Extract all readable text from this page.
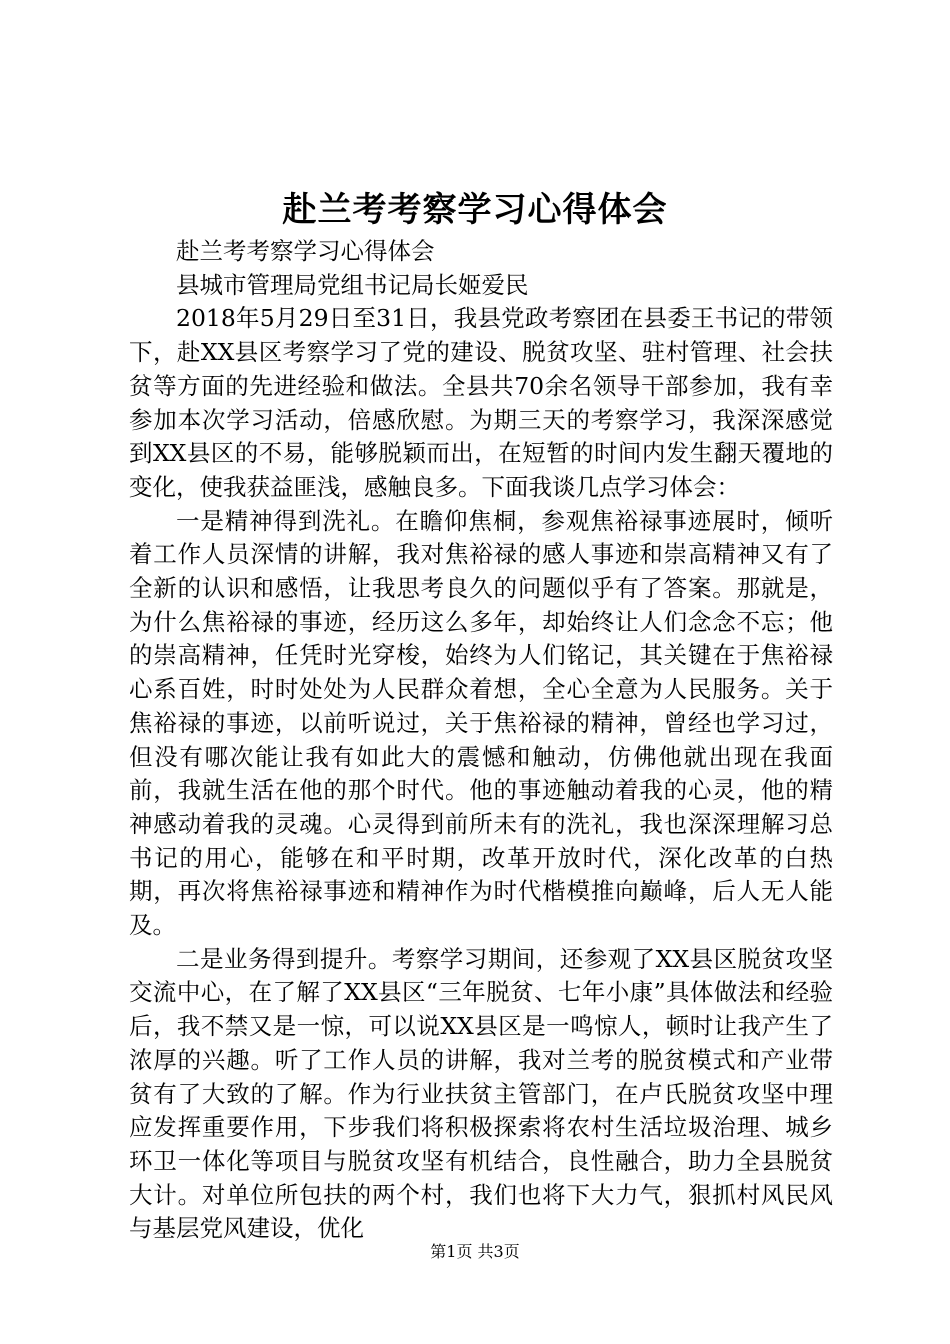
赴兰考考察学习心得体会

赴兰考考察学习心得体会

县城市管理局党组书记局长姬爱民

2018年5月29日至31日，我县党政考察团在县委王书记的带领下，赴XX县区考察学习了党的建设、脱贫攻坚、驻村管理、社会扶贫等方面的先进经验和做法。全县共70余名领导干部参加，我有幸参加本次学习活动，倍感欣慰。为期三天的考察学习，我深深感觉到XX县区的不易，能够脱颖而出，在短暂的时间内发生翻天覆地的变化，使我获益匪浅，感触良多。下面我谈几点学习体会：

一是精神得到洗礼。在瞻仰焦桐，参观焦裕禄事迹展时，倾听着工作人员深情的讲解，我对焦裕禄的感人事迹和崇高精神又有了全新的认识和感悟，让我思考良久的问题似乎有了答案。那就是，为什么焦裕禄的事迹，经历这么多年，却始终让人们念念不忘；他的崇高精神，任凭时光穿梭，始终为人们铭记，其关键在于焦裕禄心系百姓，时时处处为人民群众着想，全心全意为人民服务。关于焦裕禄的事迹，以前听说过，关于焦裕禄的精神，曾经也学习过，但没有哪次能让我有如此大的震憾和触动，仿佛他就出现在我面前，我就生活在他的那个时代。他的事迹触动着我的心灵，他的精神感动着我的灵魂。心灵得到前所未有的洗礼，我也深深理解习总书记的用心，能够在和平时期，改革开放时代，深化改革的白热期，再次将焦裕禄事迹和精神作为时代楷模推向巅峰，后人无人能及。

二是业务得到提升。考察学习期间，还参观了XX县区脱贫攻坚交流中心，在了解了XX县区“三年脱贫、七年小康”具体做法和经验后，我不禁又是一惊，可以说XX县区是一鸣惊人，顿时让我产生了浓厚的兴趣。听了工作人员的讲解，我对兰考的脱贫模式和产业带贫有了大致的了解。作为行业扶贫主管部门，在卢氏脱贫攻坚中理应发挥重要作用，下步我们将积极探索将农村生活垃圾治理、城乡环卫一体化等项目与脱贫攻坚有机结合，良性融合，助力全县脱贫大计。对单位所包扶的两个村，我们也将下大力气，狠抓村风民风与基层党风建设，优化

第1页 共3页
